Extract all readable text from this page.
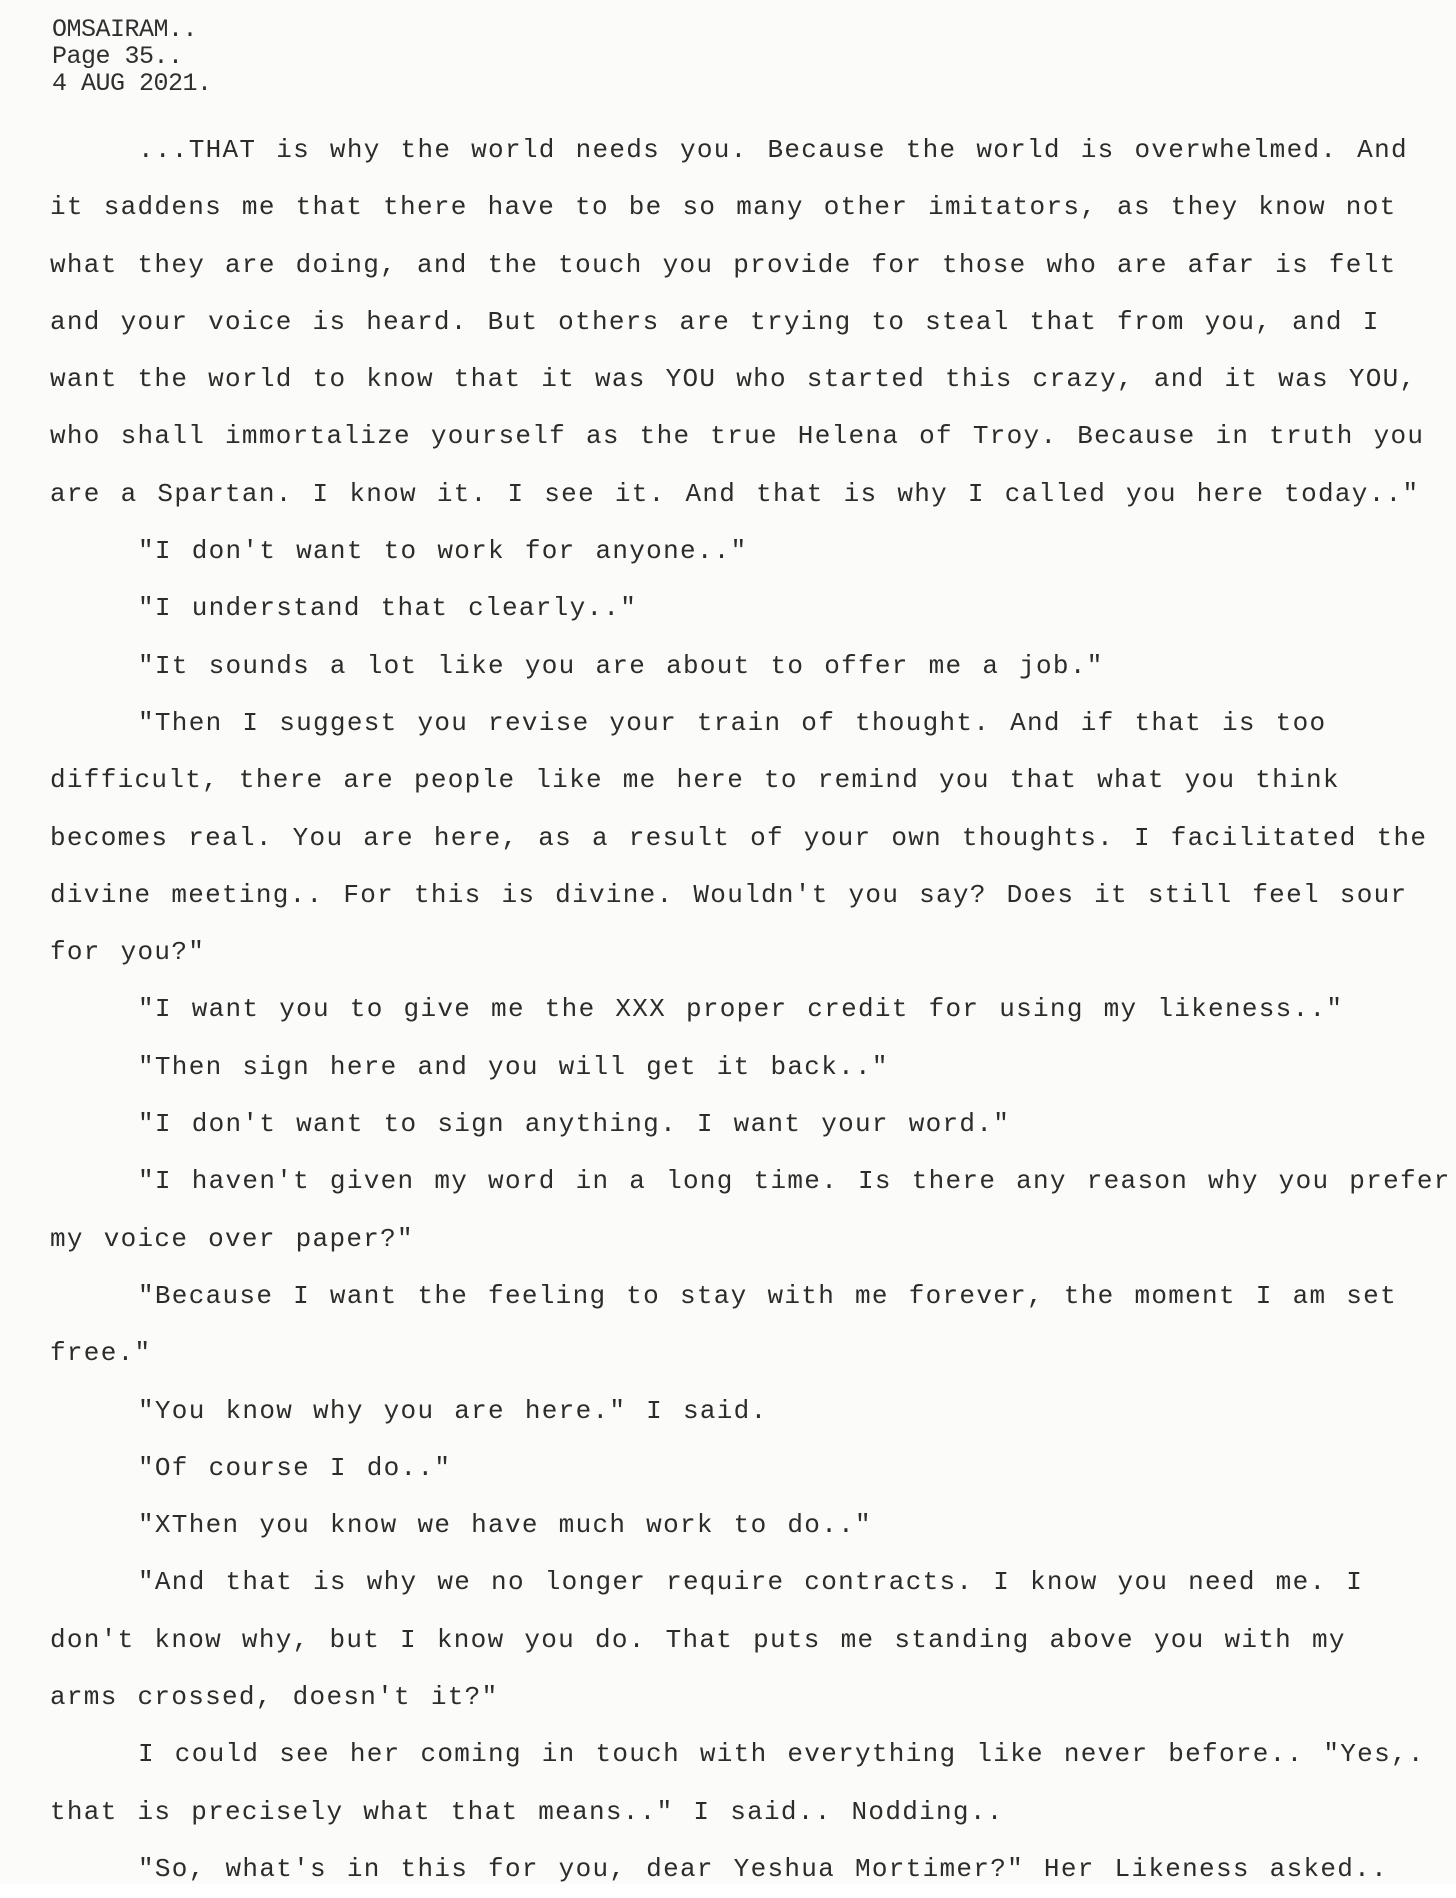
OMSAIRAM..
Page 35..
4 AUG 2021.
...THAT is why the world needs you. Because the world is overwhelmed. And
it saddens me that there have to be so many other imitators, as they know not
what they are doing, and the touch you provide for those who are afar is felt
and your voice is heard. But others are trying to steal that from you, and I
want the world to know that it was YOU who started this crazy, and it was YOU,
who shall immortalize yourself as the true Helena of Troy. Because in truth you
are a Spartan. I know it. I see it. And that is why I called you here today.."
"I don't want to work for anyone.."
"I understand that clearly.."
"It sounds a lot like you are about to offer me a job."
"Then I suggest you revise your train of thought. And if that is too
difficult, there are people like me here to remind you that what you think
becomes real. You are here, as a result of your own thoughts. I facilitated the
divine meeting.. For this is divine. Wouldn't you say? Does it still feel sour
for you?"
"I want you to give me the XXX proper credit for using my likeness.."
"Then sign here and you will get it back.."
"I don't want to sign anything. I want your word."
"I haven't given my word in a long time. Is there any reason why you prefer
my voice over paper?"
"Because I want the feeling to stay with me forever, the moment I am set
free."
"You know why you are here." I said.
"Of course I do.."
"XThen you know we have much work to do.."
"And that is why we no longer require contracts. I know you need me. I
don't know why, but I know you do. That puts me standing above you with my
arms crossed, doesn't it?"
I could see her coming in touch with everything like never before.. "Yes,.
that is precisely what that means.." I said.. Nodding..
"So, what's in this for you, dear Yeshua Mortimer?" Her Likeness asked..
